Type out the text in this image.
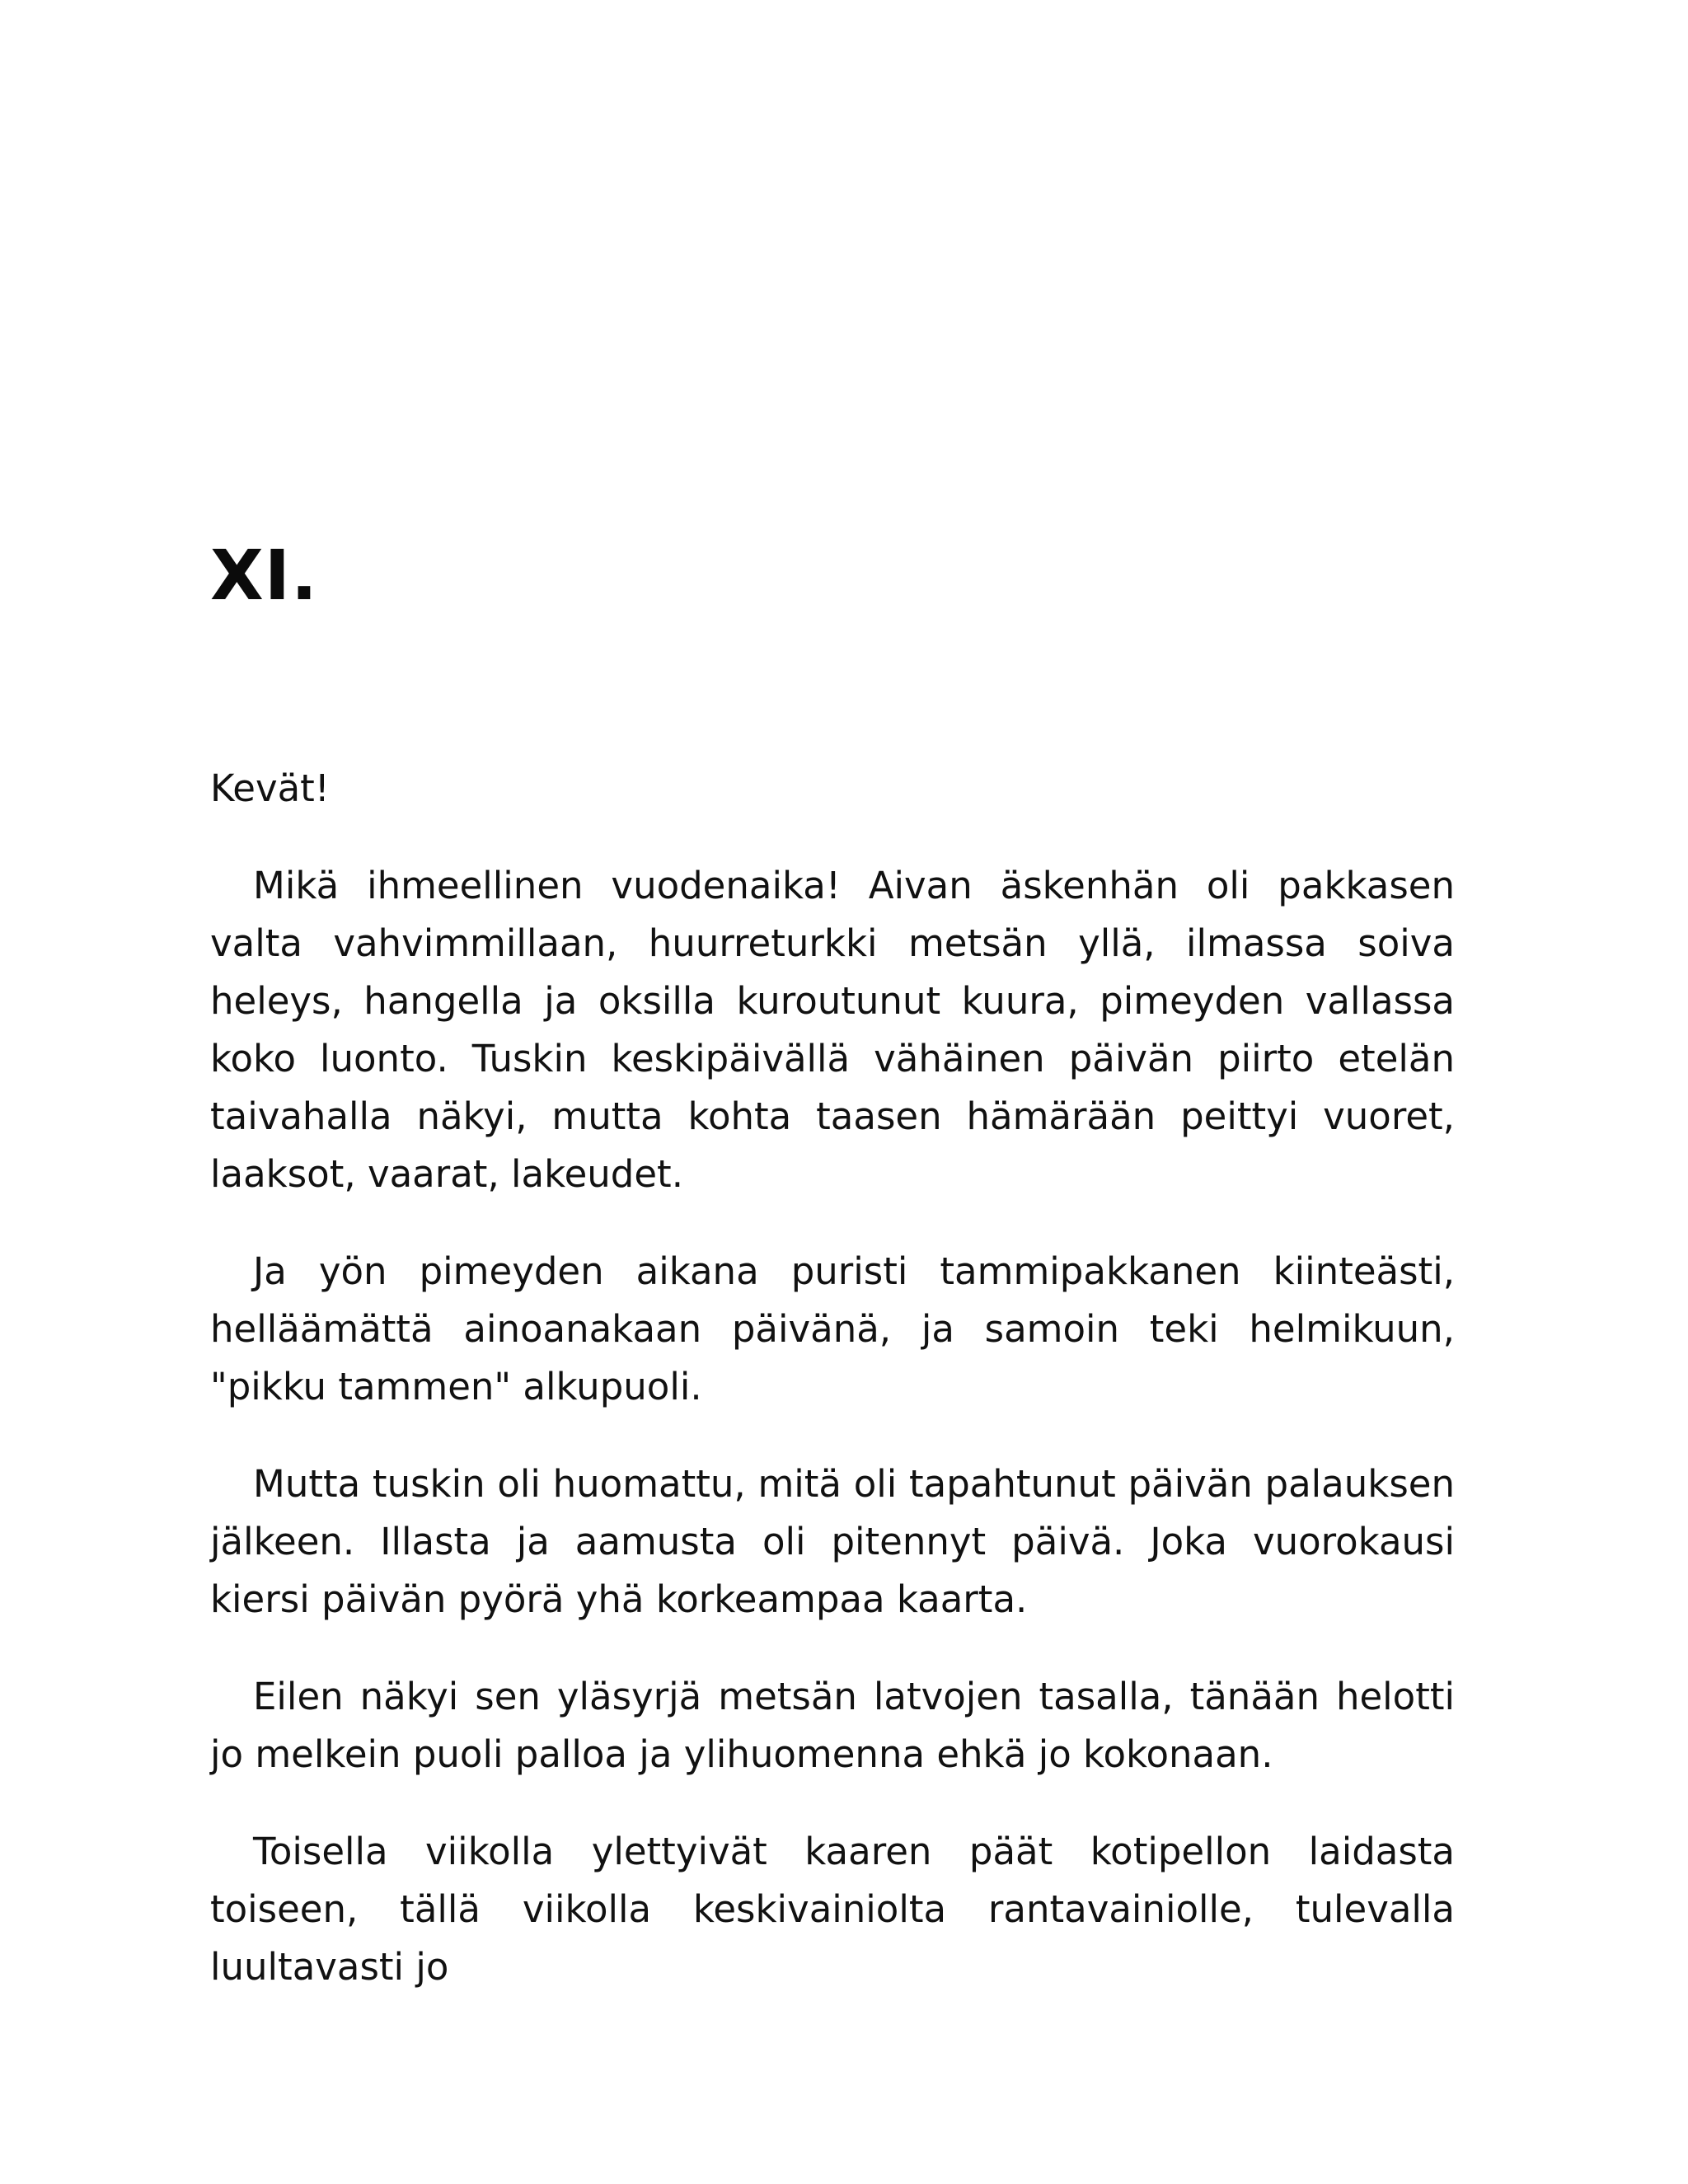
XI.

Kevät!

Mikä ihmeellinen vuodenaika! Aivan äskenhän oli pakkasen valta vahvimmillaan, huurreturkki metsän yllä, ilmassa soiva heleys, hangella ja oksilla kuroutunut kuura, pimeyden vallassa koko luonto. Tuskin keskipäivällä vähäinen päivän piirto etelän taivahalla näkyi, mutta kohta taasen hämärään peittyi vuoret, laaksot, vaarat, lakeudet.

Ja yön pimeyden aikana puristi tammipakkanen kiinteästi, helläämättä ainoanakaan päivänä, ja samoin teki helmikuun, "pikku tammen" alkupuoli.

Mutta tuskin oli huomattu, mitä oli tapahtunut päivän palauksen jälkeen. Illasta ja aamusta oli pitennyt päivä. Joka vuorokausi kiersi päivän pyörä yhä korkeampaa kaarta.

Eilen näkyi sen yläsyrjä metsän latvojen tasalla, tänään helotti jo melkein puoli palloa ja ylihuomenna ehkä jo kokonaan.

Toisella viikolla ylettyivät kaaren päät kotipellon laidasta toiseen, tällä viikolla keskivainiolta rantavainiolle, tulevalla luultavasti jo
